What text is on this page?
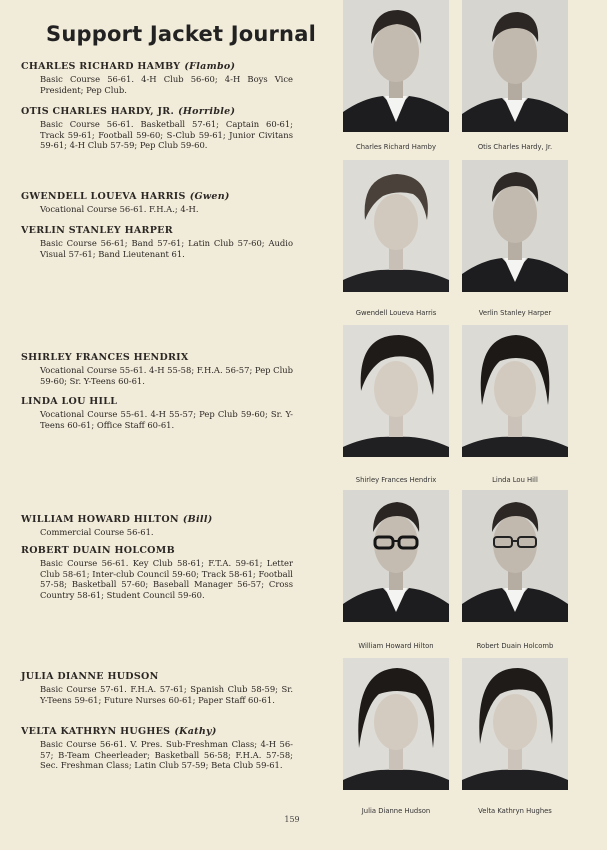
Support Jacket Journal
CHARLES RICHARD HAMBY (Flambo)
Basic Course 56-61. 4-H Club 56-60; 4-H Boys Vice President; Pep Club.
OTIS CHARLES HARDY, JR. (Horrible)
Basic Course 56-61. Basketball 57-61; Captain 60-61; Track 59-61; Football 59-60; S-Club 59-61; Junior Civitans 59-61; 4-H Club 57-59; Pep Club 59-60.
GWENDELL LOUEVA HARRIS (Gwen)
Vocational Course 56-61. F.H.A.; 4-H.
VERLIN STANLEY HARPER
Basic Course 56-61; Band 57-61; Latin Club 57-60; Audio Visual 57-61; Band Lieutenant 61.
SHIRLEY FRANCES HENDRIX
Vocational Course 55-61. 4-H 55-58; F.H.A. 56-57; Pep Club 59-60; Sr. Y-Teens 60-61.
LINDA LOU HILL
Vocational Course 55-61. 4-H 55-57; Pep Club 59-60; Sr. Y-Teens 60-61; Office Staff 60-61.
WILLIAM HOWARD HILTON (Bill)
Commercial Course 56-61.
ROBERT DUAIN HOLCOMB
Basic Course 56-61. Key Club 58-61; F.T.A. 59-61; Letter Club 58-61; Inter-club Council 59-60; Track 58-61; Football 57-58; Basketball 57-60; Baseball Manager 56-57; Cross Country 58-61; Student Council 59-60.
JULIA DIANNE HUDSON
Basic Course 57-61. F.H.A. 57-61; Spanish Club 58-59; Sr. Y-Teens 59-61; Future Nurses 60-61; Paper Staff 60-61.
VELTA KATHRYN HUGHES (Kathy)
Basic Course 56-61. V. Pres. Sub-Freshman Class; 4-H 56-57; B-Team Cheerleader; Basketball 56-58; F.H.A. 57-58; Sec. Freshman Class; Latin Club 57-59; Beta Club 59-61.
Charles Richard Hamby	Otis Charles Hardy, Jr.
Gwendell Loueva Harris	Verlin Stanley Harper
Shirley Frances Hendrix	Linda Lou Hill
William Howard Hilton	Robert Duain Holcomb
Julia Dianne Hudson	Velta Kathryn Hughes
159
